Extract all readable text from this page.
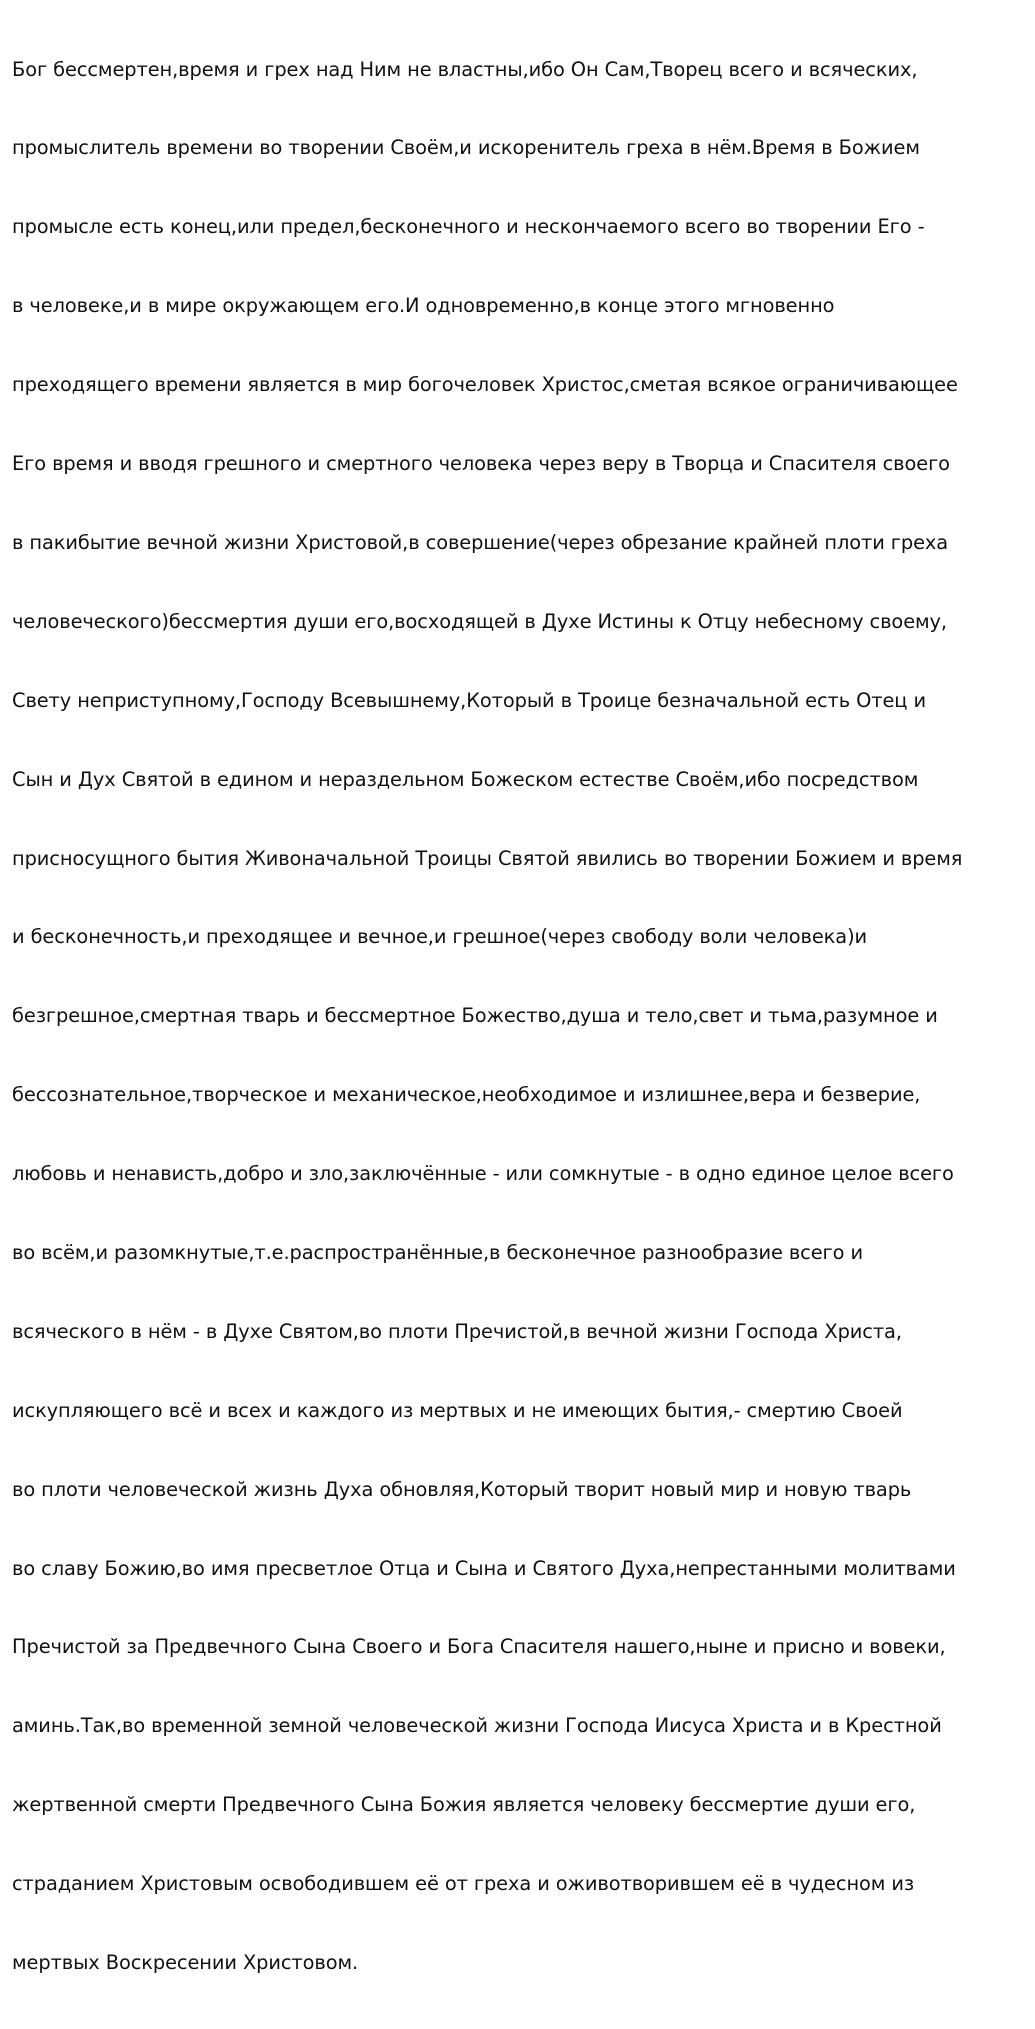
Бог бессмертен,время и грех над Ним не властны,ибо Он Сам,Творец всего и всяческих,

промыслитель времени во творении Своём,и искоренитель греха в нём.Время в Божием

промысле есть конец,или предел,бесконечного и нескончаемого всего во творении Его -

в человеке,и в мире окружающем его.И одновременно,в конце этого мгновенно

преходящего времени является в мир богочеловек Христос,сметая всякое ограничивающее

Его время и вводя грешного и смертного человека через веру в Творца и Спасителя своего

в пакибытие вечной жизни Христовой,в совершение(через обрезание крайней плоти греха

человеческого)бессмертия души его,восходящей в Духе Истины к Отцу небесному своему,

Свету неприступному,Господу Всевышнему,Который в Троице безначальной есть Отец и

Сын и Дух Святой в едином и нераздельном Божеском естестве Своём,ибо посредством

присносущного бытия Живоначальной Троицы Святой явились во творении Божием и время

и бесконечность,и преходящее и вечное,и грешное(через свободу воли человека)и

безгрешное,смертная тварь и бессмертное Божество,душа и тело,свет и тьма,разумное и

бессознательное,творческое и механическое,необходимое и излишнее,вера и безверие,

любовь и ненависть,добро и зло,заключённые - или сомкнутые - в одно единое целое всего

во всём,и разомкнутые,т.е.распространённые,в бесконечное разнообразие всего и

всяческого в нём - в Духе Святом,во плоти Пречистой,в вечной жизни Господа Христа,

искупляющего всё и всех и каждого из мертвых и не имеющих бытия,- смертию Своей

во плоти человеческой жизнь Духа обновляя,Который творит новый мир и новую тварь

во славу Божию,во имя пресветлое Отца и Сына и Святого Духа,непрестанными молитвами

Пречистой за Предвечного Сына Своего и Бога Спасителя нашего,ныне и присно и вовеки,

аминь.Так,во временной земной человеческой жизни Господа Иисуса Христа и в Крестной

жертвенной смерти Предвечного Сына Божия является человеку бессмертие души его,

страданием Христовым освободившем её от греха и оживотворившем её в чудесном из

мертвых Воскресении Христовом.
